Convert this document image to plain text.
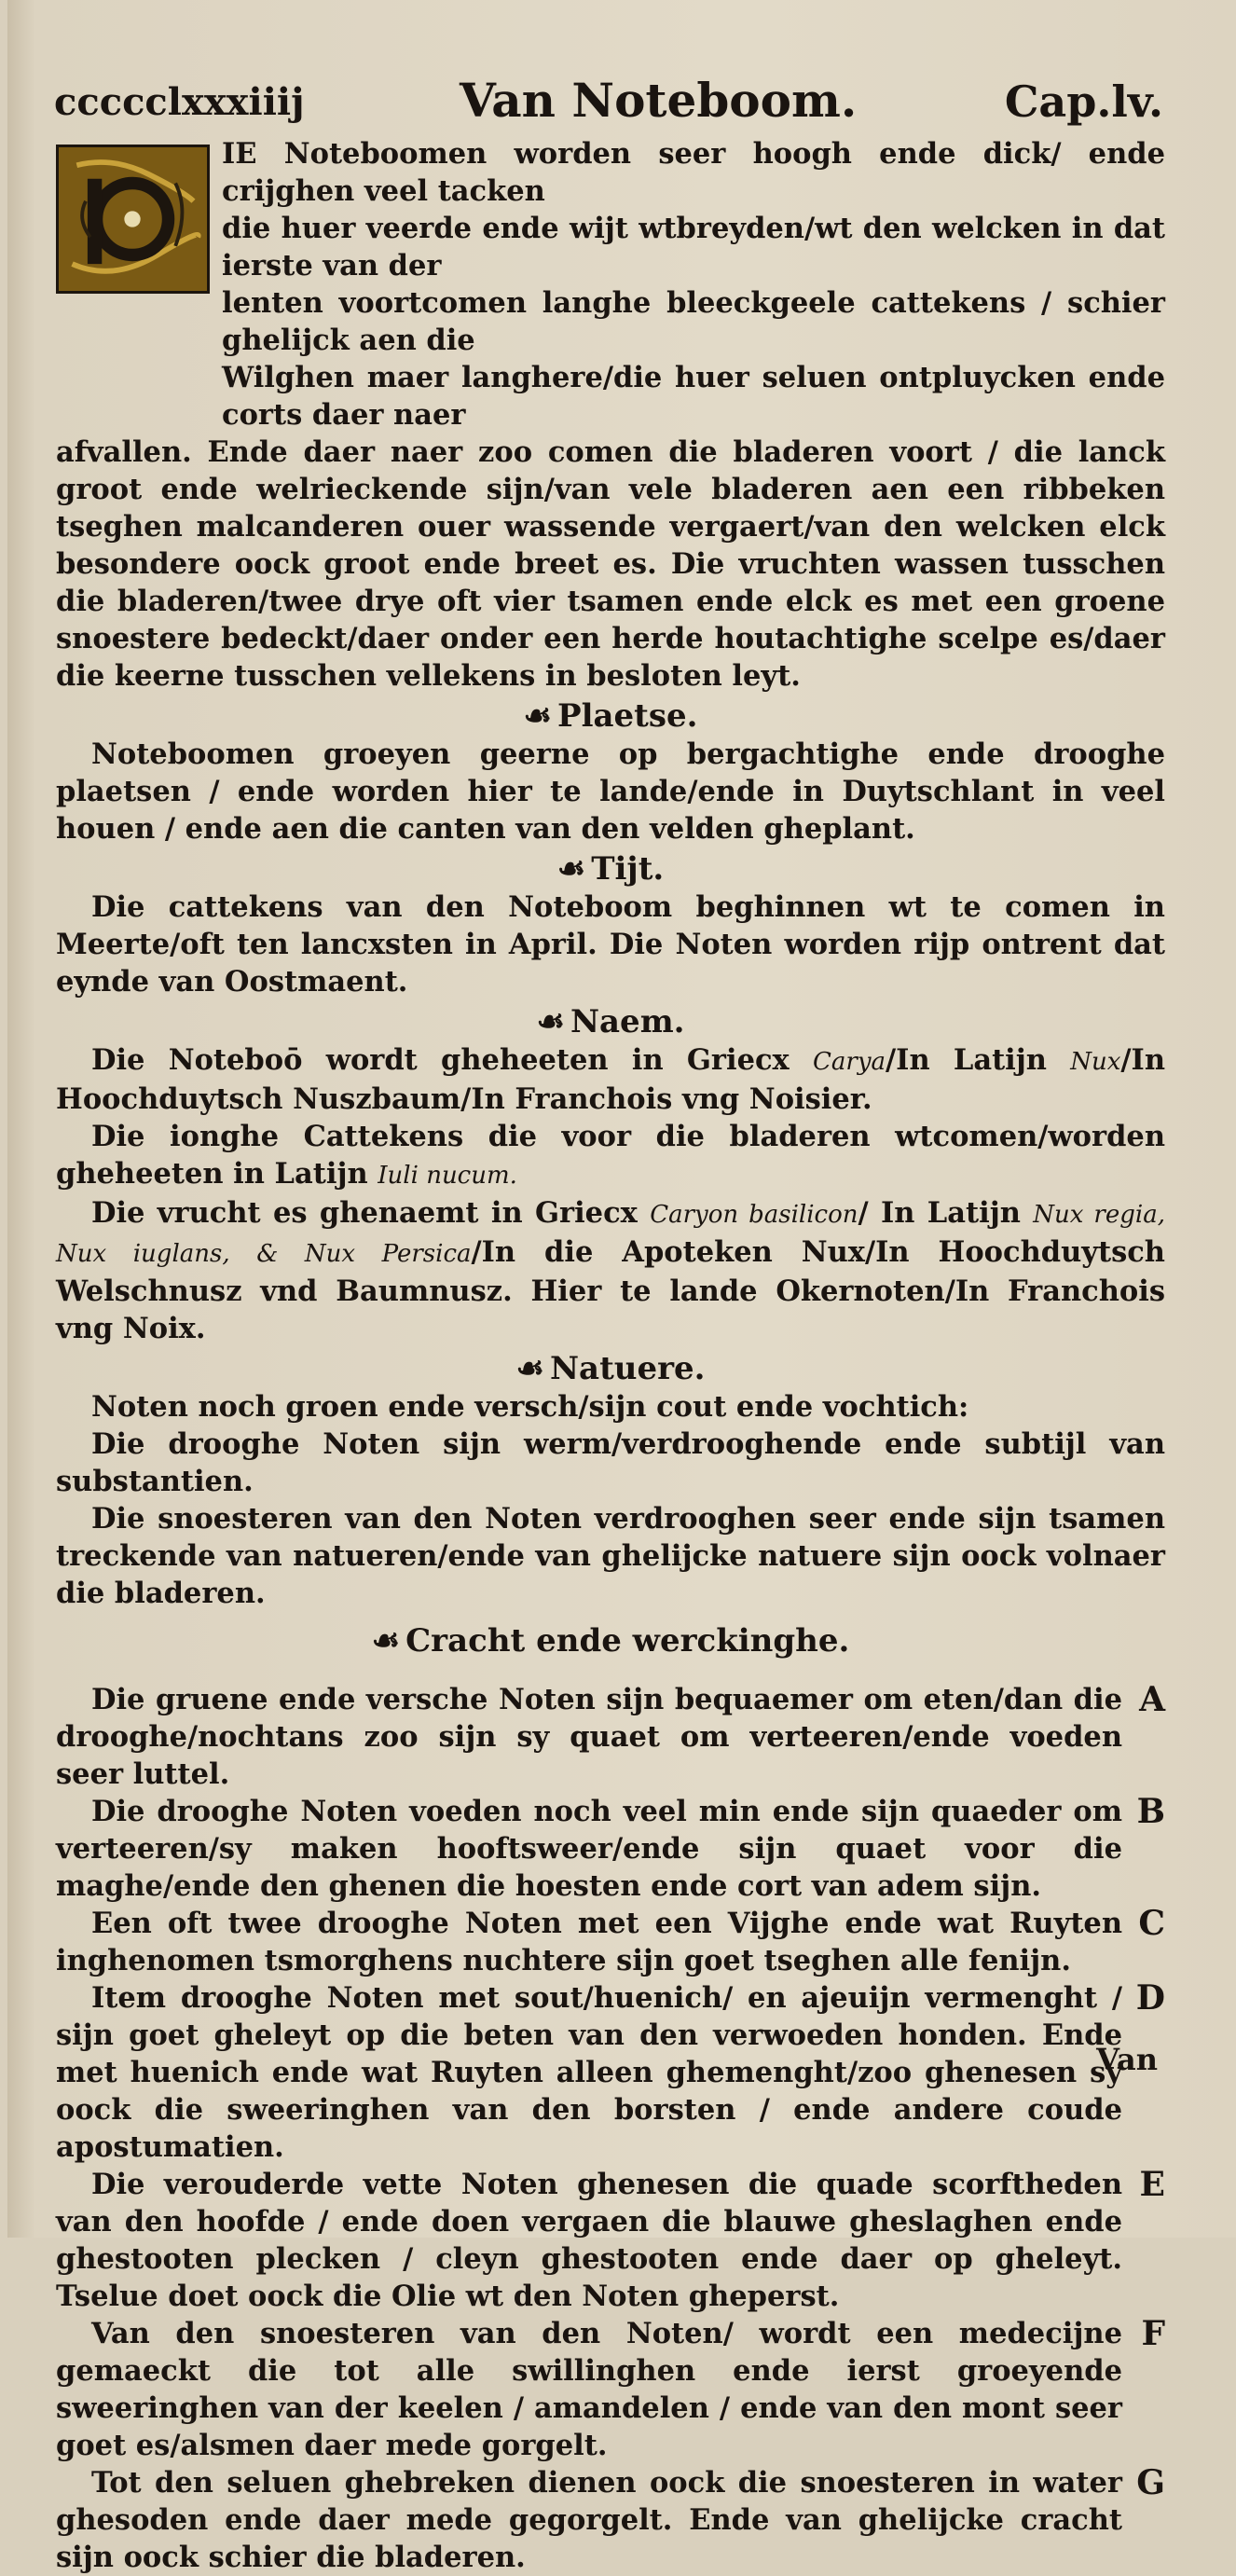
ccccclxxxiiij	Van Noteboom.	Cap.lv.

IE Noteboomen worden seer hoogh ende dick/ ende crijghen veel tacken

die huer veerde ende wijt wtbreyden/wt den welcken in dat ierste van der

lenten voortcomen langhe bleeckgeele cattekens / schier ghelijck aen die

Wilghen maer langhere/die huer seluen ontpluycken ende corts daer naer

afvallen. Ende daer naer zoo comen die bladeren voort / die lanck groot ende welrieckende sijn/van vele bladeren aen een ribbeken tseghen malcanderen ouer wassende vergaert/van den welcken elck besondere oock groot ende breet es. Die vruchten wassen tusschen die bladeren/twee drye oft vier tsamen ende elck es met een groene snoestere bedeckt/daer onder een herde houtachtighe scelpe es/daer die keerne tusschen vellekens in besloten leyt.

☙ Plaetse.

Noteboomen groeyen geerne op bergachtighe ende drooghe plaetsen / ende worden hier te lande/ende in Duytschlant in veel houen / ende aen die canten van den velden gheplant.

☙ Tijt.

Die cattekens van den Noteboom beghinnen wt te comen in Meerte/oft ten lancxsten in April. Die Noten worden rijp ontrent dat eynde van Oostmaent.

☙ Naem.

Die Noteboō wordt gheheeten in Griecx Carya/In Latijn Nux/In Hoochduytsch Nuszbaum/In Franchois vng Noisier.

Die ionghe Cattekens die voor die bladeren wtcomen/worden gheheeten in Latijn Iuli nucum.

Die vrucht es ghenaemt in Griecx Caryon basilicon/ In Latijn Nux regia, Nux iuglans, & Nux Persica/In die Apoteken Nux/In Hoochduytsch Welschnusz vnd Baumnusz. Hier te lande Okernoten/In Franchois vng Noix.

☙ Natuere.

Noten noch groen ende versch/sijn cout ende vochtich:

Die drooghe Noten sijn werm/verdrooghende ende subtijl van substantien.

Die snoesteren van den Noten verdrooghen seer ende sijn tsamen treckende van natueren/ende van ghelijcke natuere sijn oock volnaer die bladeren.

☙ Cracht ende werckinghe.

Die gruene ende versche Noten sijn bequaemer om eten/dan die drooghe/nochtans zoo sijn sy quaet om verteeren/ende voeden seer luttel.

A

Die drooghe Noten voeden noch veel min ende sijn quaeder om verteeren/sy maken hooftsweer/ende sijn quaet voor die maghe/ende den ghenen die hoesten ende cort van adem sijn.

B

Een oft twee drooghe Noten met een Vijghe ende wat Ruyten inghenomen tsmorghens nuchtere sijn goet tseghen alle fenijn.

C

Item drooghe Noten met sout/huenich/ en ajeuijn vermenght / sijn goet gheleyt op die beten van den verwoeden honden. Ende met huenich ende wat Ruyten alleen ghemenght/zoo ghenesen sy oock die sweeringhen van den borsten / ende andere coude apostumatien.

D

Die verouderde vette Noten ghenesen die quade scorftheden van den hoofde / ende doen vergaen die blauwe gheslaghen ende ghestooten plecken / cleyn ghestooten ende daer op gheleyt. Tselue doet oock die Olie wt den Noten gheperst.

E

Van den snoesteren van den Noten/ wordt een medecijne gemaeckt die tot alle swillinghen ende ierst groeyende sweeringhen van der keelen / amandelen / ende van den mont seer goet es/alsmen daer mede gorgelt.

F

Tot den seluen ghebreken dienen oock die snoesteren in water ghesoden ende daer mede gegorgelt. Ende van ghelijcke cracht sijn oock schier die bladeren.

G
Van
